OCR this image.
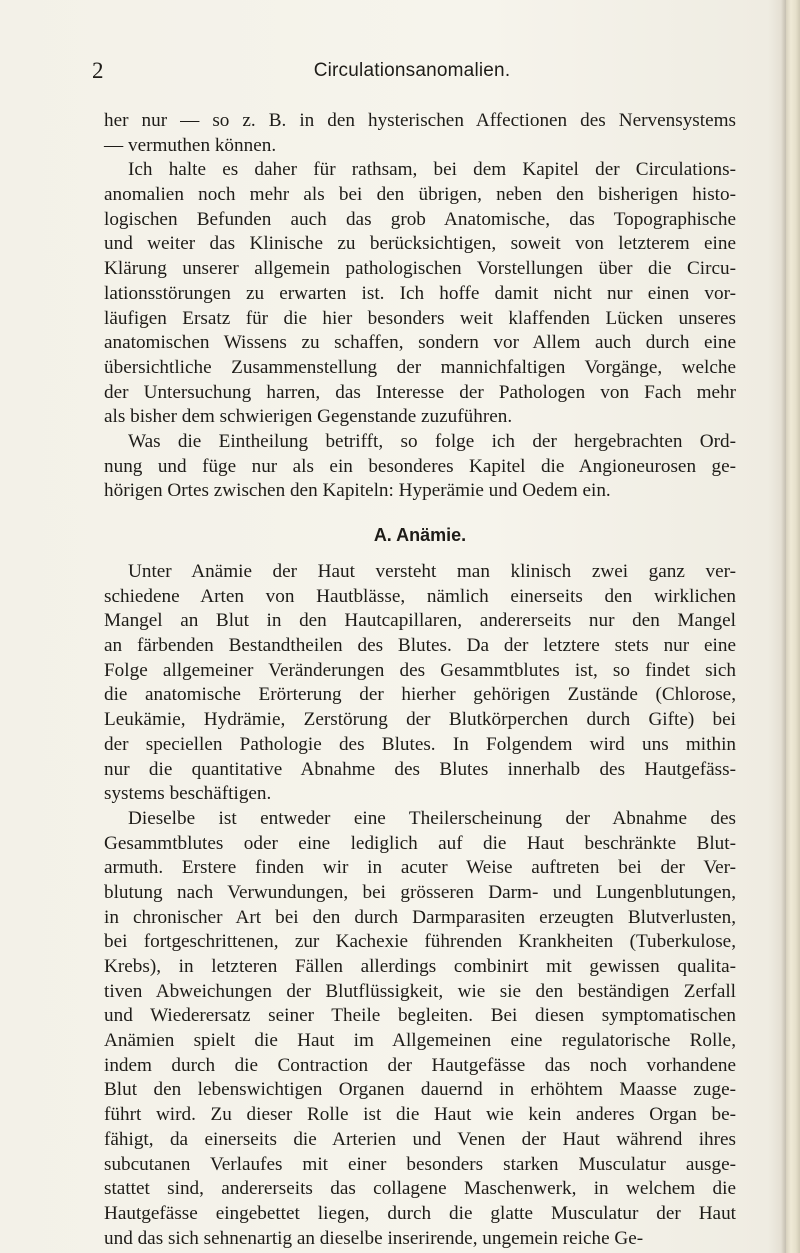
2	Circulationsanomalien.
her nur — so z. B. in den hysterischen Affectionen des Nervensystems
— vermuthen können.
Ich halte es daher für rathsam, bei dem Kapitel der Circulations-
anomalien noch mehr als bei den übrigen, neben den bisherigen histo-
logischen Befunden auch das grob Anatomische, das Topographische
und weiter das Klinische zu berücksichtigen, soweit von letzterem eine
Klärung unserer allgemein pathologischen Vorstellungen über die Circu-
lationsstörungen zu erwarten ist. Ich hoffe damit nicht nur einen vor-
läufigen Ersatz für die hier besonders weit klaffenden Lücken unseres
anatomischen Wissens zu schaffen, sondern vor Allem auch durch eine
übersichtliche Zusammenstellung der mannichfaltigen Vorgänge, welche
der Untersuchung harren, das Interesse der Pathologen von Fach mehr
als bisher dem schwierigen Gegenstande zuzuführen.
Was die Eintheilung betrifft, so folge ich der hergebrachten Ord-
nung und füge nur als ein besonderes Kapitel die Angioneurosen ge-
hörigen Ortes zwischen den Kapiteln: Hyperämie und Oedem ein.
A. Anämie.
Unter Anämie der Haut versteht man klinisch zwei ganz ver-
schiedene Arten von Hautblässe, nämlich einerseits den wirklichen
Mangel an Blut in den Hautcapillaren, andererseits nur den Mangel
an färbenden Bestandtheilen des Blutes. Da der letztere stets nur eine
Folge allgemeiner Veränderungen des Gesammtblutes ist, so findet sich
die anatomische Erörterung der hierher gehörigen Zustände (Chlorose,
Leukämie, Hydrämie, Zerstörung der Blutkörperchen durch Gifte) bei
der speciellen Pathologie des Blutes. In Folgendem wird uns mithin
nur die quantitative Abnahme des Blutes innerhalb des Hautgefäss-
systems beschäftigen.
Dieselbe ist entweder eine Theilerscheinung der Abnahme des
Gesammtblutes oder eine lediglich auf die Haut beschränkte Blut-
armuth. Erstere finden wir in acuter Weise auftreten bei der Ver-
blutung nach Verwundungen, bei grösseren Darm- und Lungenblutungen,
in chronischer Art bei den durch Darmparasiten erzeugten Blutverlusten,
bei fortgeschrittenen, zur Kachexie führenden Krankheiten (Tuberkulose,
Krebs), in letzteren Fällen allerdings combinirt mit gewissen qualita-
tiven Abweichungen der Blutflüssigkeit, wie sie den beständigen Zerfall
und Wiederersatz seiner Theile begleiten. Bei diesen symptomatischen
Anämien spielt die Haut im Allgemeinen eine regulatorische Rolle,
indem durch die Contraction der Hautgefässe das noch vorhandene
Blut den lebenswichtigen Organen dauernd in erhöhtem Maasse zuge-
führt wird. Zu dieser Rolle ist die Haut wie kein anderes Organ be-
fähigt, da einerseits die Arterien und Venen der Haut während ihres
subcutanen Verlaufes mit einer besonders starken Musculatur ausge-
stattet sind, andererseits das collagene Maschenwerk, in welchem die
Hautgefässe eingebettet liegen, durch die glatte Musculatur der Haut
und das sich sehnenartig an dieselbe inserirende, ungemein reiche Ge-
